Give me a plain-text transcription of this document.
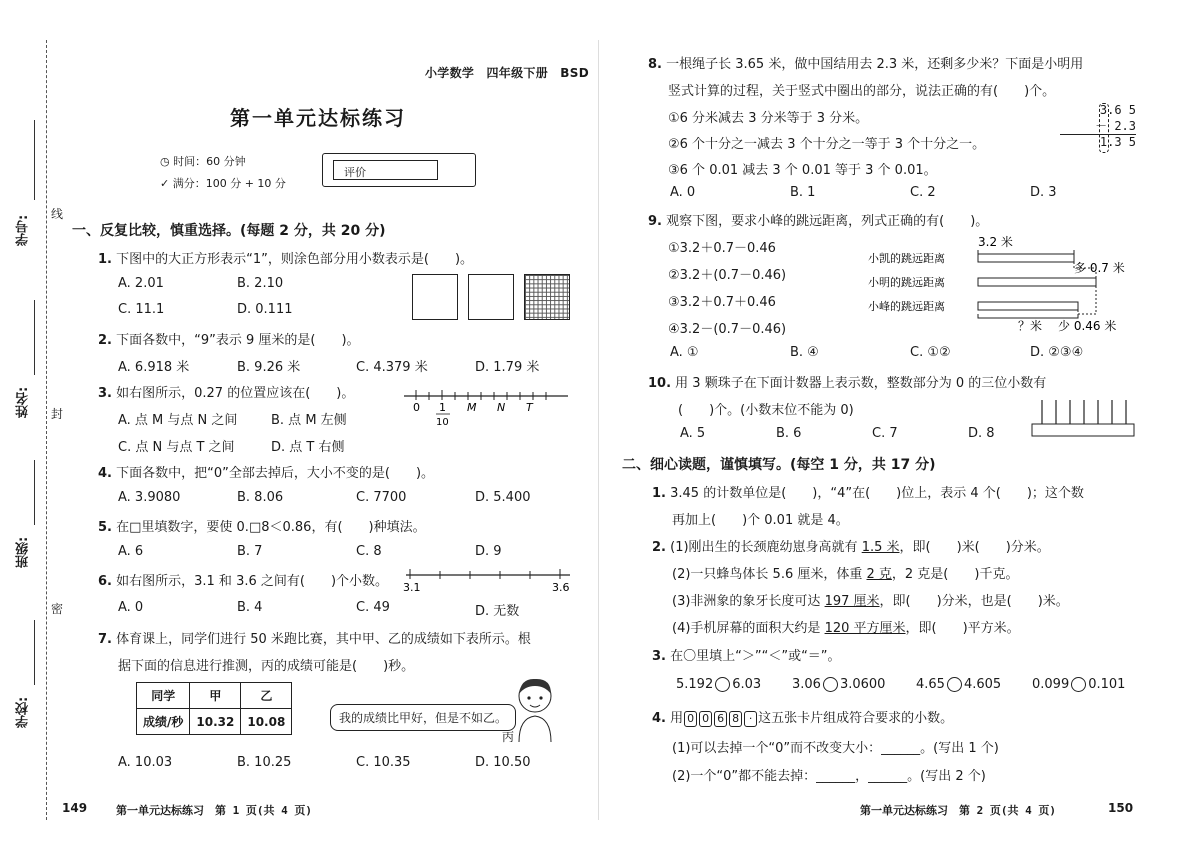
学号:
姓名:
班级:
学校:
线
封
密
小学数学　四年级下册　BSD
第一单元达标练习
◷ 时间：60 分钟
✓ 满分：100 分 + 10 分
评价
一、反复比较，慎重选择。(每题 2 分，共 20 分)
1. 下图中的大正方形表示“1”，则涂色部分用小数表示是(　　)。
A. 2.01	B. 2.10
C. 11.1	D. 0.111
2. 下面各数中，“9”表示 9 厘米的是(　　)。
A. 6.918 米	B. 9.26 米	C. 4.379 米	D. 1.79 米
3. 如右图所示，0.27 的位置应该在(　　)。
0 1
10
M N T
A. 点 M 与点 N 之间	B. 点 M 左侧
C. 点 N 与点 T 之间	D. 点 T 右侧
4. 下面各数中，把“0”全部去掉后，大小不变的是(　　)。
A. 3.9080	B. 8.06	C. 7700	D. 5.400
5. 在□里填数字，要使 0.□8＜0.86，有(　　)种填法。
A. 6	B. 7	C. 8	D. 9
6. 如右图所示，3.1 和 3.6 之间有(　　)个小数。 3.1	3.6
A. 0	B. 4	C. 49	D. 无数
7. 体育课上，同学们进行 50 米跑比赛，其中甲、乙的成绩如下表所示。根
据下面的信息进行推测，丙的成绩可能是(　　)秒。
同学	甲	乙
成绩/秒	10.32	10.08	我的成绩比甲好，但是不如乙。
丙
A. 10.03	B. 10.25	C. 10.35	D. 10.50
149	第一单元达标练习　第 1 页(共 4 页)
8. 一根绳子长 3.65 米，做中国结用去 2.3 米，还剩多少米？下面是小明用
竖式计算的过程，关于竖式中圈出的部分，说法正确的有(　　)个。
①6 分米减去 3 分米等于 3 分米。
②6 个十分之一减去 3 个十分之一等于 3 个十分之一。
③6 个 0.01 减去 3 个 0.01 等于 3 个 0.01。
3.6 5
－ 2.3
1.3 5
A. 0	B. 1	C. 2	D. 3
9. 观察下图，要求小峰的跳远距离，列式正确的有(　　)。
①3.2＋0.7－0.46
②3.2＋(0.7－0.46)
③3.2＋0.7＋0.46
④3.2－(0.7－0.46)
3.2 米
小凯的跳远距离
小明的跳远距离
多 0.7 米
小峰的跳远距离
？米 少 0.46 米
A. ①	B. ④	C. ①②	D. ②③④
10. 用 3 颗珠子在下面计数器上表示数，整数部分为 0 的三位小数有
(　　)个。(小数末位不能为 0)
A. 5	B. 6	C. 7	D. 8
二、细心读题，谨慎填写。(每空 1 分，共 17 分)
1. 3.45 的计数单位是(　　)，“4”在(　　)位上，表示 4 个(　　)；这个数
再加上(　　)个 0.01 就是 4。
2. (1)刚出生的长颈鹿幼崽身高就有 1.5 米，即(　　)米(　　)分米。
(2)一只蜂鸟体长 5.6 厘米，体重 2 克，2 克是(　　)千克。
(3)非洲象的象牙长度可达 197 厘米，即(　　)分米，也是(　　)米。
(4)手机屏幕的面积大约是 120 平方厘米，即(　　)平方米。
3. 在〇里填上“＞”“＜”或“＝”。
5.192 6.03 3.06 3.0600 4.65 4.605 0.099 0.101
4. 用 0 0 6 8 · 这五张卡片组成符合要求的小数。
(1)可以去掉一个“0”而不改变大小：______。(写出 1 个)
(2)一个“0”都不能去掉：______，______。(写出 2 个)
第一单元达标练习　第 2 页(共 4 页)	150
